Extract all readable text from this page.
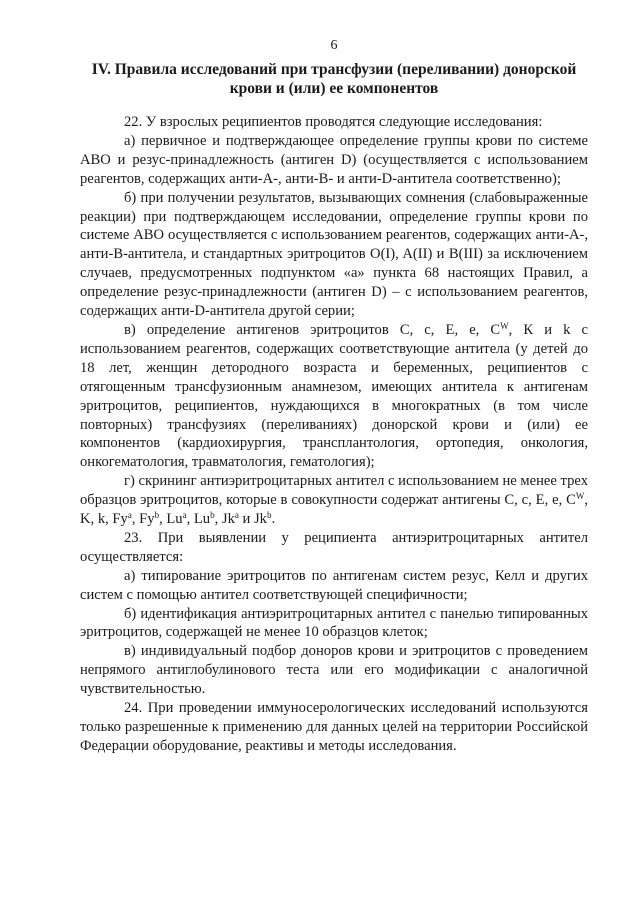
6
IV. Правила исследований при трансфузии (переливании) донорской крови и (или) ее компонентов

22. У взрослых реципиентов проводятся следующие исследования:

а) первичное и подтверждающее определение группы крови по системе АВО и резус-принадлежность (антиген D) (осуществляется с использованием реагентов, содержащих анти-А-, анти-В- и анти-D-антитела соответственно);

б) при получении результатов, вызывающих сомнения (слабовыраженные реакции) при подтверждающем исследовании, определение группы крови по системе АВО осуществляется с использованием реагентов, содержащих анти-А-, анти-В-антитела, и стандартных эритроцитов O(I), A(II) и B(III) за исключением случаев, предусмотренных подпунктом «а» пункта 68 настоящих Правил, а определение резус-принадлежности (антиген D) – с использованием реагентов, содержащих анти-D-антитела другой серии;

в) определение антигенов эритроцитов С, с, Е, е, $С^W$, К и k с использованием реагентов, содержащих соответствующие антитела (у детей до 18 лет, женщин детородного возраста и беременных, реципиентов с отягощенным трансфузионным анамнезом, имеющих антитела к антигенам эритроцитов, реципиентов, нуждающихся в многократных (в том числе повторных) трансфузиях (переливаниях) донорской крови и (или) ее компонентов (кардиохирургия, трансплантология, ортопедия, онкология, онкогематология, травматология, гематология);

г) скрининг антиэритроцитарных антител с использованием не менее трех образцов эритроцитов, которые в совокупности содержат антигены С, с, Е, е, $С^W$, K, k, Fy$^a$, Fy$^b$, Lu$^a$, Lu$^b$, Jk$^a$ и Jk$^b$.

23. При выявлении у реципиента антиэритроцитарных антител осуществляется:

а) типирование эритроцитов по антигенам систем резус, Келл и других систем с помощью антител соответствующей специфичности;

б) идентификация антиэритроцитарных антител с панелью типированных эритроцитов, содержащей не менее 10 образцов клеток;

в) индивидуальный подбор доноров крови и эритроцитов с проведением непрямого антиглобулинового теста или его модификации с аналогичной чувствительностью.

24. При проведении иммуносерологических исследований используются только разрешенные к применению для данных целей на территории Российской Федерации оборудование, реактивы и методы исследования.
